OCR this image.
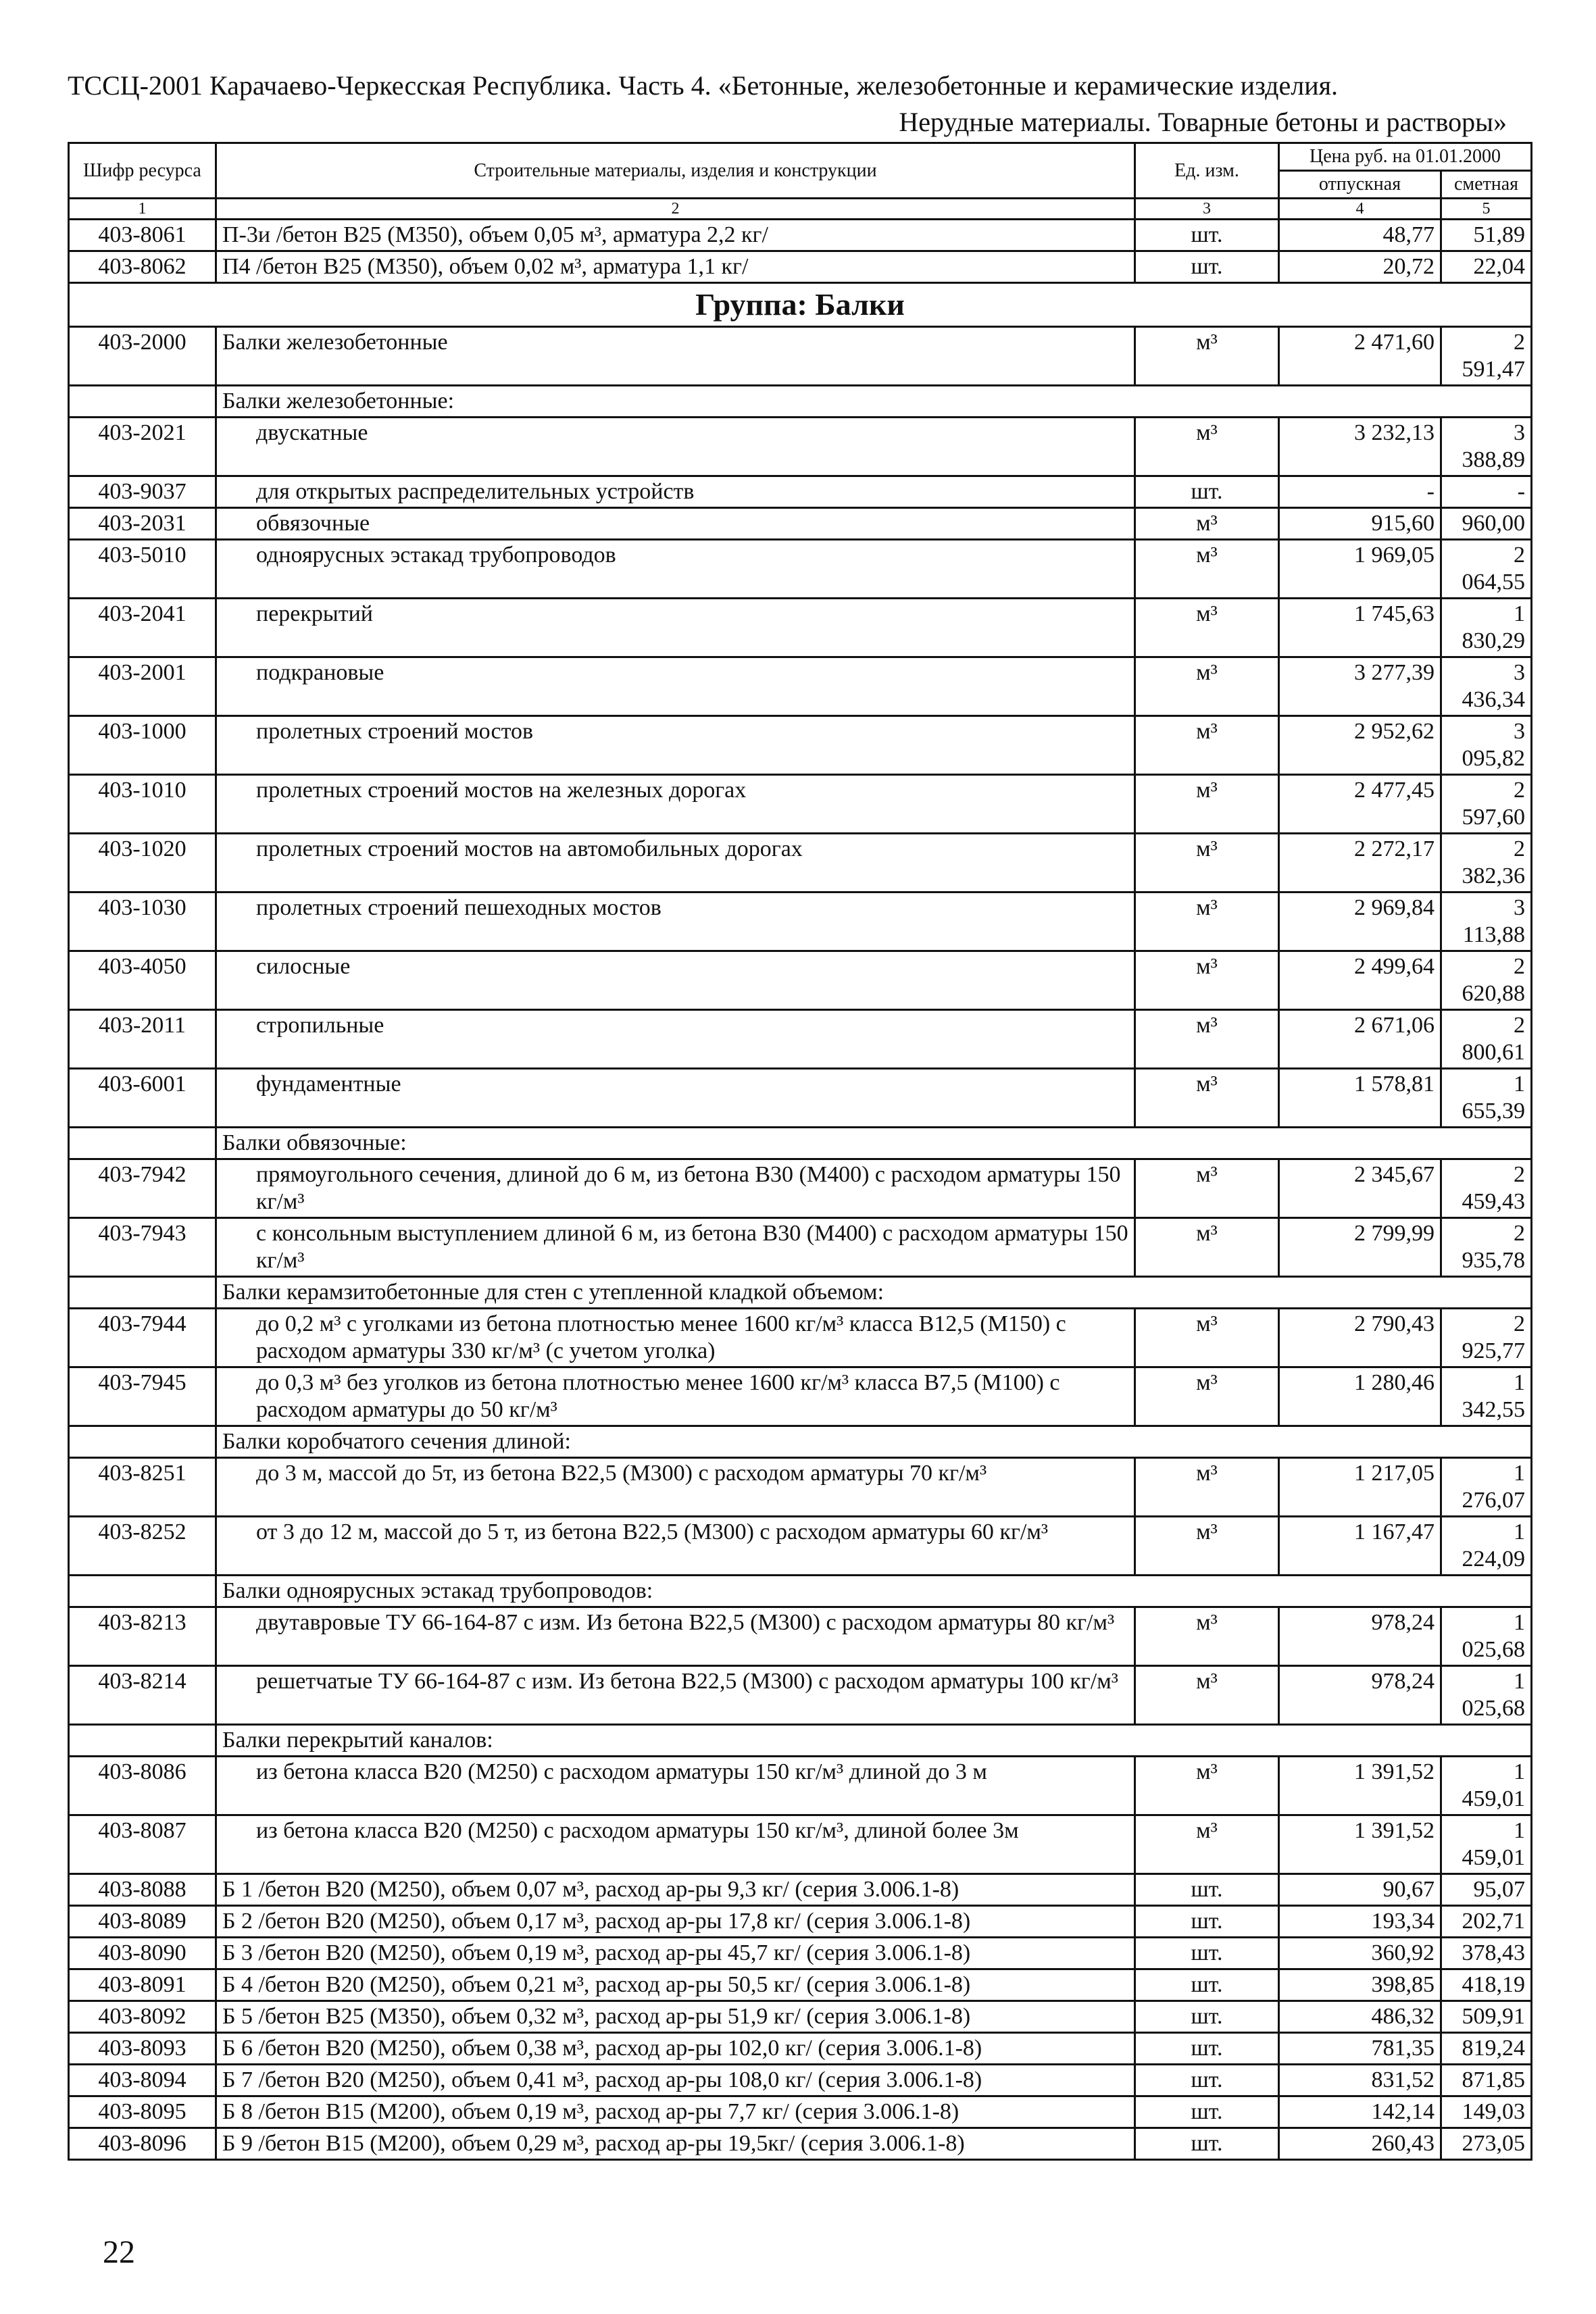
ТССЦ-2001 Карачаево-Черкесская Республика. Часть 4. «Бетонные, железобетонные и керамические изделия.
Нерудные материалы. Товарные бетоны и растворы»
Шифр ресурса	Строительные материалы, изделия и конструкции	Ед. изм.	Цена руб. на 01.01.2000	
			отпускная	сметная
1	2	3	4	5
403-8061	П-3и /бетон В25 (М350), объем 0,05 м³, арматура 2,2 кг/	шт.	48,77	51,89
403-8062	П4 /бетон В25 (М350), объем 0,02 м³, арматура 1,1 кг/	шт.	20,72	22,04
Группа: Балки				
403-2000	Балки железобетонные	м³	2 471,60	2 591,47
	Балки железобетонные:			
403-2021	двускатные	м³	3 232,13	3 388,89
403-9037	для открытых распределительных устройств	шт.	-	-
403-2031	обвязочные	м³	915,60	960,00
403-5010	одноярусных эстакад трубопроводов	м³	1 969,05	2 064,55
403-2041	перекрытий	м³	1 745,63	1 830,29
403-2001	подкрановые	м³	3 277,39	3 436,34
403-1000	пролетных строений мостов	м³	2 952,62	3 095,82
403-1010	пролетных строений мостов на железных дорогах	м³	2 477,45	2 597,60
403-1020	пролетных строений мостов на автомобильных дорогах	м³	2 272,17	2 382,36
403-1030	пролетных строений пешеходных мостов	м³	2 969,84	3 113,88
403-4050	силосные	м³	2 499,64	2 620,88
403-2011	стропильные	м³	2 671,06	2 800,61
403-6001	фундаментные	м³	1 578,81	1 655,39
	Балки обвязочные:			
403-7942	прямоугольного сечения, длиной до 6 м, из бетона В30 (М400) с расходом арматуры 150 кг/м³	м³	2 345,67	2 459,43
403-7943	с консольным выступлением длиной 6 м, из бетона В30 (М400) с расходом арматуры 150 кг/м³	м³	2 799,99	2 935,78
	Балки керамзитобетонные для стен с утепленной кладкой объемом:			
403-7944	до 0,2 м³ с уголками из бетона плотностью менее 1600 кг/м³ класса В12,5 (М150) с расходом арматуры 330 кг/м³ (с учетом уголка)	м³	2 790,43	2 925,77
403-7945	до 0,3 м³ без уголков из бетона плотностью менее 1600 кг/м³ класса В7,5 (М100) с расходом арматуры до 50 кг/м³	м³	1 280,46	1 342,55
	Балки коробчатого сечения длиной:			
403-8251	до 3 м, массой до 5т, из бетона В22,5 (М300) с расходом арматуры 70 кг/м³	м³	1 217,05	1 276,07
403-8252	от 3 до 12 м, массой до 5 т, из бетона В22,5 (М300) с расходом арматуры 60 кг/м³	м³	1 167,47	1 224,09
	Балки одноярусных эстакад трубопроводов:			
403-8213	двутавровые ТУ 66-164-87 с изм. Из бетона В22,5 (М300) с расходом арматуры 80 кг/м³	м³	978,24	1 025,68
403-8214	решетчатые ТУ 66-164-87 с изм. Из бетона В22,5 (М300) с расходом арматуры 100 кг/м³	м³	978,24	1 025,68
	Балки перекрытий каналов:			
403-8086	из бетона класса В20 (М250) с расходом арматуры 150 кг/м³ длиной до 3 м	м³	1 391,52	1 459,01
403-8087	из бетона класса В20 (М250) с расходом арматуры 150 кг/м³, длиной более 3м	м³	1 391,52	1 459,01
403-8088	Б 1 /бетон В20 (М250), объем 0,07 м³, расход ар-ры 9,3 кг/ (серия 3.006.1-8)	шт.	90,67	95,07
403-8089	Б 2 /бетон В20 (М250), объем 0,17 м³, расход ар-ры 17,8 кг/ (серия 3.006.1-8)	шт.	193,34	202,71
403-8090	Б 3 /бетон В20 (М250), объем 0,19 м³, расход ар-ры 45,7 кг/ (серия 3.006.1-8)	шт.	360,92	378,43
403-8091	Б 4 /бетон В20 (М250), объем 0,21 м³, расход ар-ры 50,5 кг/ (серия 3.006.1-8)	шт.	398,85	418,19
403-8092	Б 5 /бетон В25 (М350), объем 0,32 м³, расход ар-ры 51,9 кг/ (серия 3.006.1-8)	шт.	486,32	509,91
403-8093	Б 6 /бетон В20 (М250), объем 0,38 м³, расход ар-ры 102,0 кг/ (серия 3.006.1-8)	шт.	781,35	819,24
403-8094	Б 7 /бетон В20 (М250), объем 0,41 м³, расход ар-ры 108,0 кг/ (серия 3.006.1-8)	шт.	831,52	871,85
403-8095	Б 8 /бетон В15 (М200), объем 0,19 м³, расход ар-ры 7,7 кг/ (серия 3.006.1-8)	шт.	142,14	149,03
403-8096	Б 9 /бетон В15 (М200), объем 0,29 м³, расход ар-ры 19,5кг/ (серия 3.006.1-8)	шт.	260,43	273,05
22
